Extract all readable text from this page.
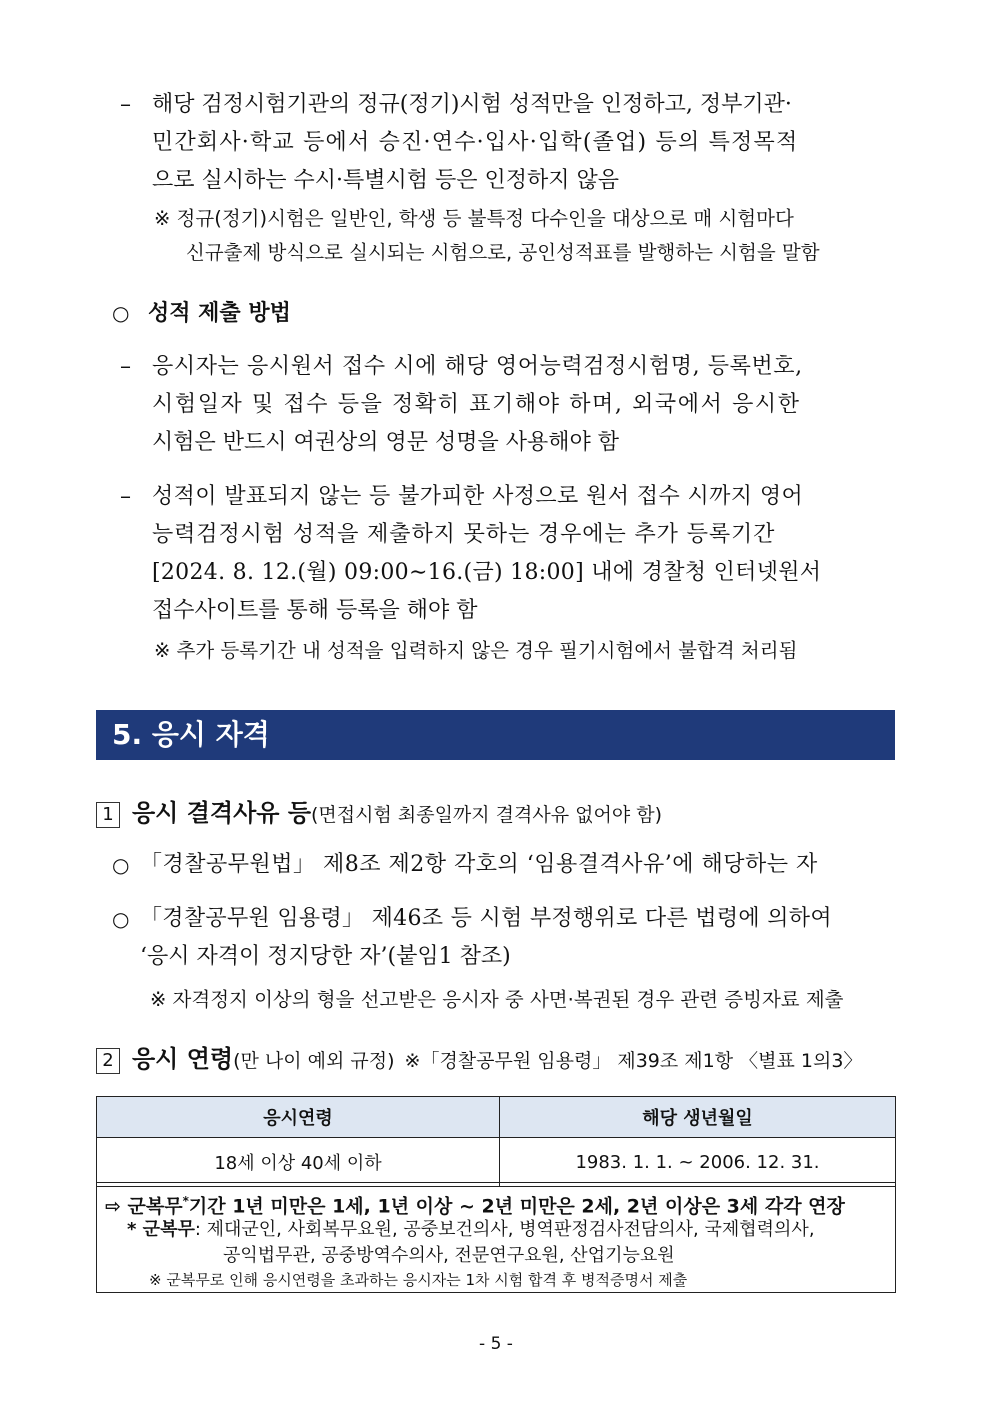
– 해당 검정시험기관의 정규(정기)시험 성적만을 인정하고, 정부기관·
민간회사·학교 등에서 승진·연수·입사·입학(졸업) 등의 특정목적
으로 실시하는 수시·특별시험 등은 인정하지 않음
※ 정규(정기)시험은 일반인, 학생 등 불특정 다수인을 대상으로 매 시험마다
신규출제 방식으로 실시되는 시험으로, 공인성적표를 발행하는 시험을 말함
○ 성적 제출 방법
– 응시자는 응시원서 접수 시에 해당 영어능력검정시험명, 등록번호,
시험일자 및 접수 등을 정확히 표기해야 하며, 외국에서 응시한
시험은 반드시 여권상의 영문 성명을 사용해야 함
– 성적이 발표되지 않는 등 불가피한 사정으로 원서 접수 시까지 영어
능력검정시험 성적을 제출하지 못하는 경우에는 추가 등록기간
[2024. 8. 12.(월) 09:00∼16.(금) 18:00] 내에 경찰청 인터넷원서
접수사이트를 통해 등록을 해야 함
※ 추가 등록기간 내 성적을 입력하지 않은 경우 필기시험에서 불합격 처리됨
5. 응시 자격
1 응시 결격사유 등(면접시험 최종일까지 결격사유 없어야 함)
○ 「경찰공무원법」 제8조 제2항 각호의 ‘임용결격사유’에 해당하는 자
○ 「경찰공무원 임용령」 제46조 등 시험 부정행위로 다른 법령에 의하여
‘응시 자격이 정지당한 자’(붙임1 참조)
※ 자격정지 이상의 형을 선고받은 응시자 중 사면·복권된 경우 관련 증빙자료 제출
2 응시 연령(만 나이 예외 규정) ※「경찰공무원 임용령」 제39조 제1항 〈별표 1의3〉
응시연령	해당 생년월일
18세 이상 40세 이하	1983. 1. 1. ~ 2006. 12. 31.
⇨ 군복무*기간 1년 미만은 1세, 1년 이상 ~ 2년 미만은 2세, 2년 이상은 3세 각각 연장
* 군복무: 제대군인, 사회복무요원, 공중보건의사, 병역판정검사전담의사, 국제협력의사,
공익법무관, 공중방역수의사, 전문연구요원, 산업기능요원
※ 군복무로 인해 응시연령을 초과하는 응시자는 1차 시험 합격 후 병적증명서 제출
- 5 -
